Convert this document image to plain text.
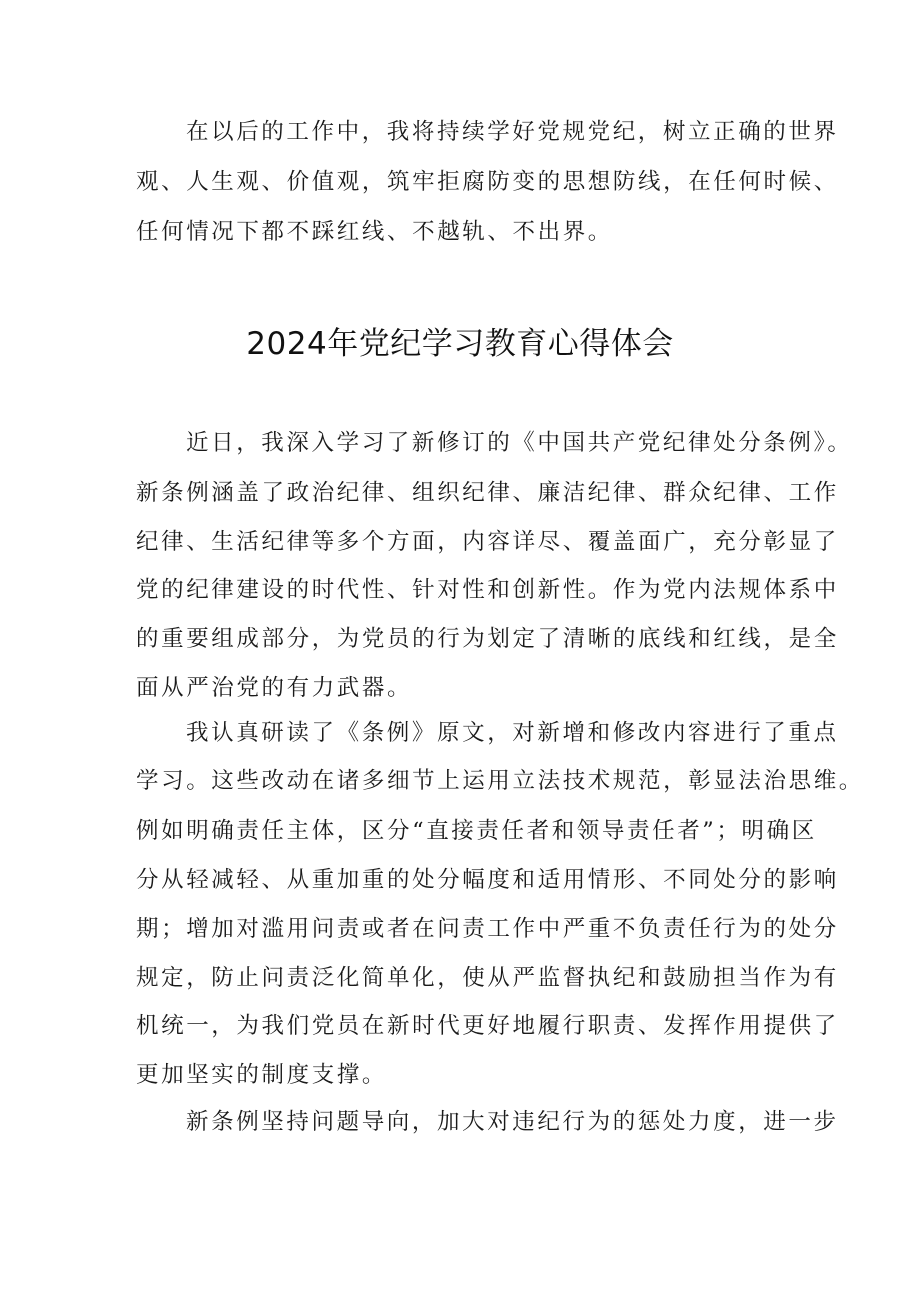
在以后的工作中，我将持续学好党规党纪，树立正确的世界
观、人生观、价值观，筑牢拒腐防变的思想防线，在任何时候、
任何情况下都不踩红线、不越轨、不出界。
2024年党纪学习教育心得体会
近日，我深入学习了新修订的《中国共产党纪律处分条例》。
新条例涵盖了政治纪律、组织纪律、廉洁纪律、群众纪律、工作
纪律、生活纪律等多个方面，内容详尽、覆盖面广，充分彰显了
党的纪律建设的时代性、针对性和创新性。作为党内法规体系中
的重要组成部分，为党员的行为划定了清晰的底线和红线，是全
面从严治党的有力武器。
我认真研读了《条例》原文，对新增和修改内容进行了重点
学习。这些改动在诸多细节上运用立法技术规范，彰显法治思维。
例如明确责任主体，区分“直接责任者和领导责任者”；明确区
分从轻减轻、从重加重的处分幅度和适用情形、不同处分的影响
期；增加对滥用问责或者在问责工作中严重不负责任行为的处分
规定，防止问责泛化简单化，使从严监督执纪和鼓励担当作为有
机统一，为我们党员在新时代更好地履行职责、发挥作用提供了
更加坚实的制度支撑。
新条例坚持问题导向，加大对违纪行为的惩处力度，进一步
